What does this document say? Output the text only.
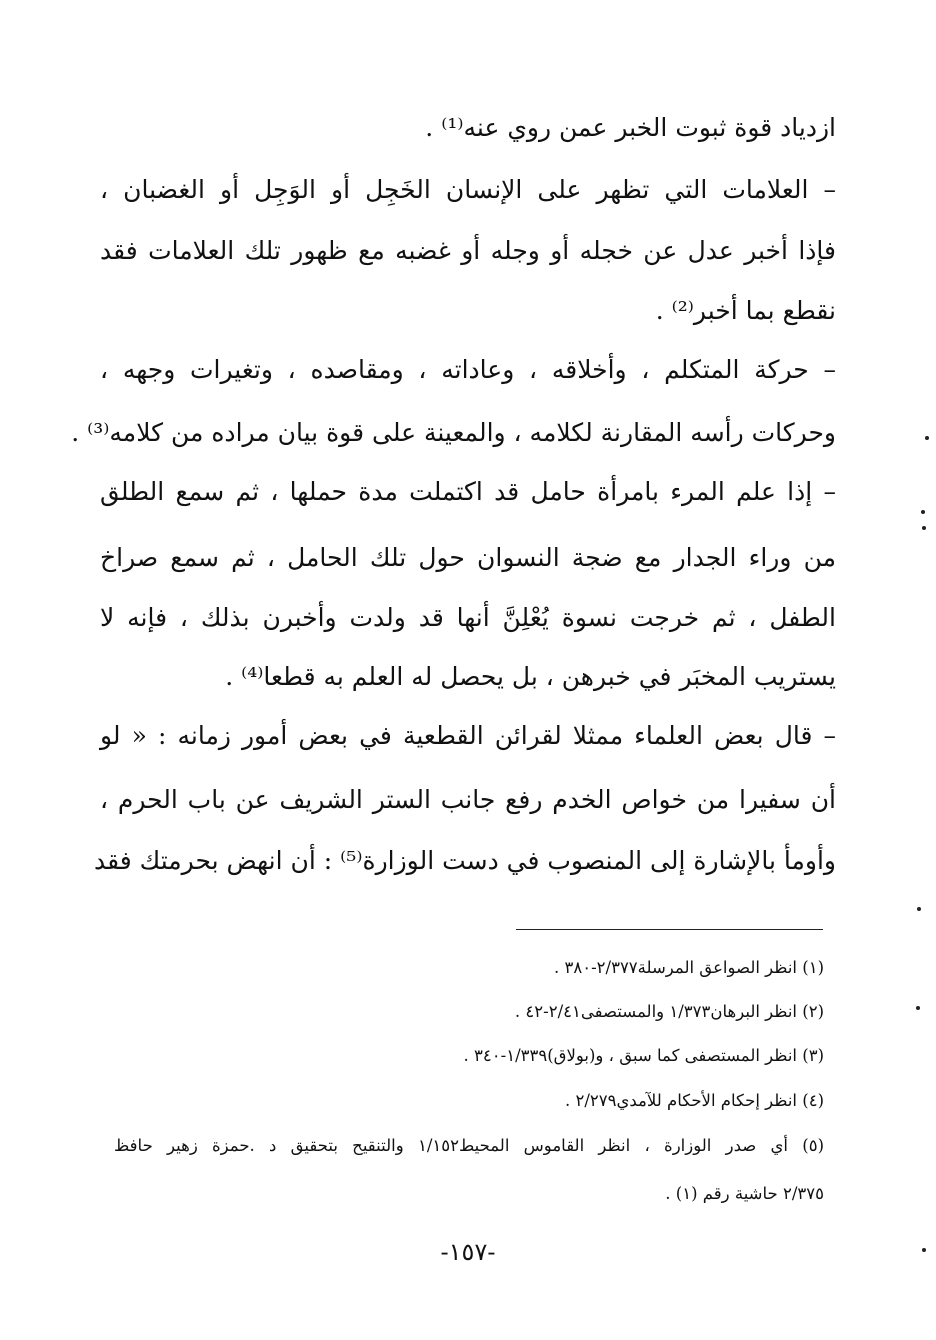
ازدياد قوة ثبوت الخبر عمن روي عنه⁽¹⁾ .
– العلامات التي تظهر على الإنسان الخَجِل أو الوَجِل أو الغضبان ،
فإذا أخبر عدل عن خجله أو وجله أو غضبه مع ظهور تلك العلامات فقد
نقطع بما أخبر⁽²⁾ .
– حركة المتكلم ، وأخلاقه ، وعاداته ، ومقاصده ، وتغيرات وجهه ،
وحركات رأسه المقارنة لكلامه ، والمعينة على قوة بيان مراده من كلامه⁽³⁾ .
– إذا علم المرء بامرأة حامل قد اكتملت مدة حملها ، ثم سمع الطلق
من وراء الجدار مع ضجة النسوان حول تلك الحامل ، ثم سمع صراخ
الطفل ، ثم خرجت نسوة يُعْلِنَّ أنها قد ولدت وأخبرن بذلك ، فإنه لا
يستريب المخبَر في خبرهن ، بل يحصل له العلم به قطعا⁽⁴⁾ .
– قال بعض العلماء ممثلا لقرائن القطعية في بعض أمور زمانه : « لو
أن سفيرا من خواص الخدم رفع جانب الستر الشريف عن باب الحرم ،
وأومأ بالإشارة إلى المنصوب في دست الوزارة⁽⁵⁾ : أن انهض بحرمتك فقد
(١) انظر الصواعق المرسلة٢/٣٧٧-٣٨٠ .
(٢) انظر البرهان١/٣٧٣ والمستصفى٢/٤١-٤٢ .
(٣) انظر المستصفى كما سبق ، و(بولاق)١/٣٣٩-٣٤٠ .
(٤) انظر إحكام الأحكام للآمدي٢/٢٧٩ .
(٥) أي صدر الوزارة ، انظر القاموس المحيط١/١٥٢ والتنقيح بتحقيق د .حمزة زهير حافظ
٢/٣٧٥ حاشية رقم (١) .
-١٥٧-
